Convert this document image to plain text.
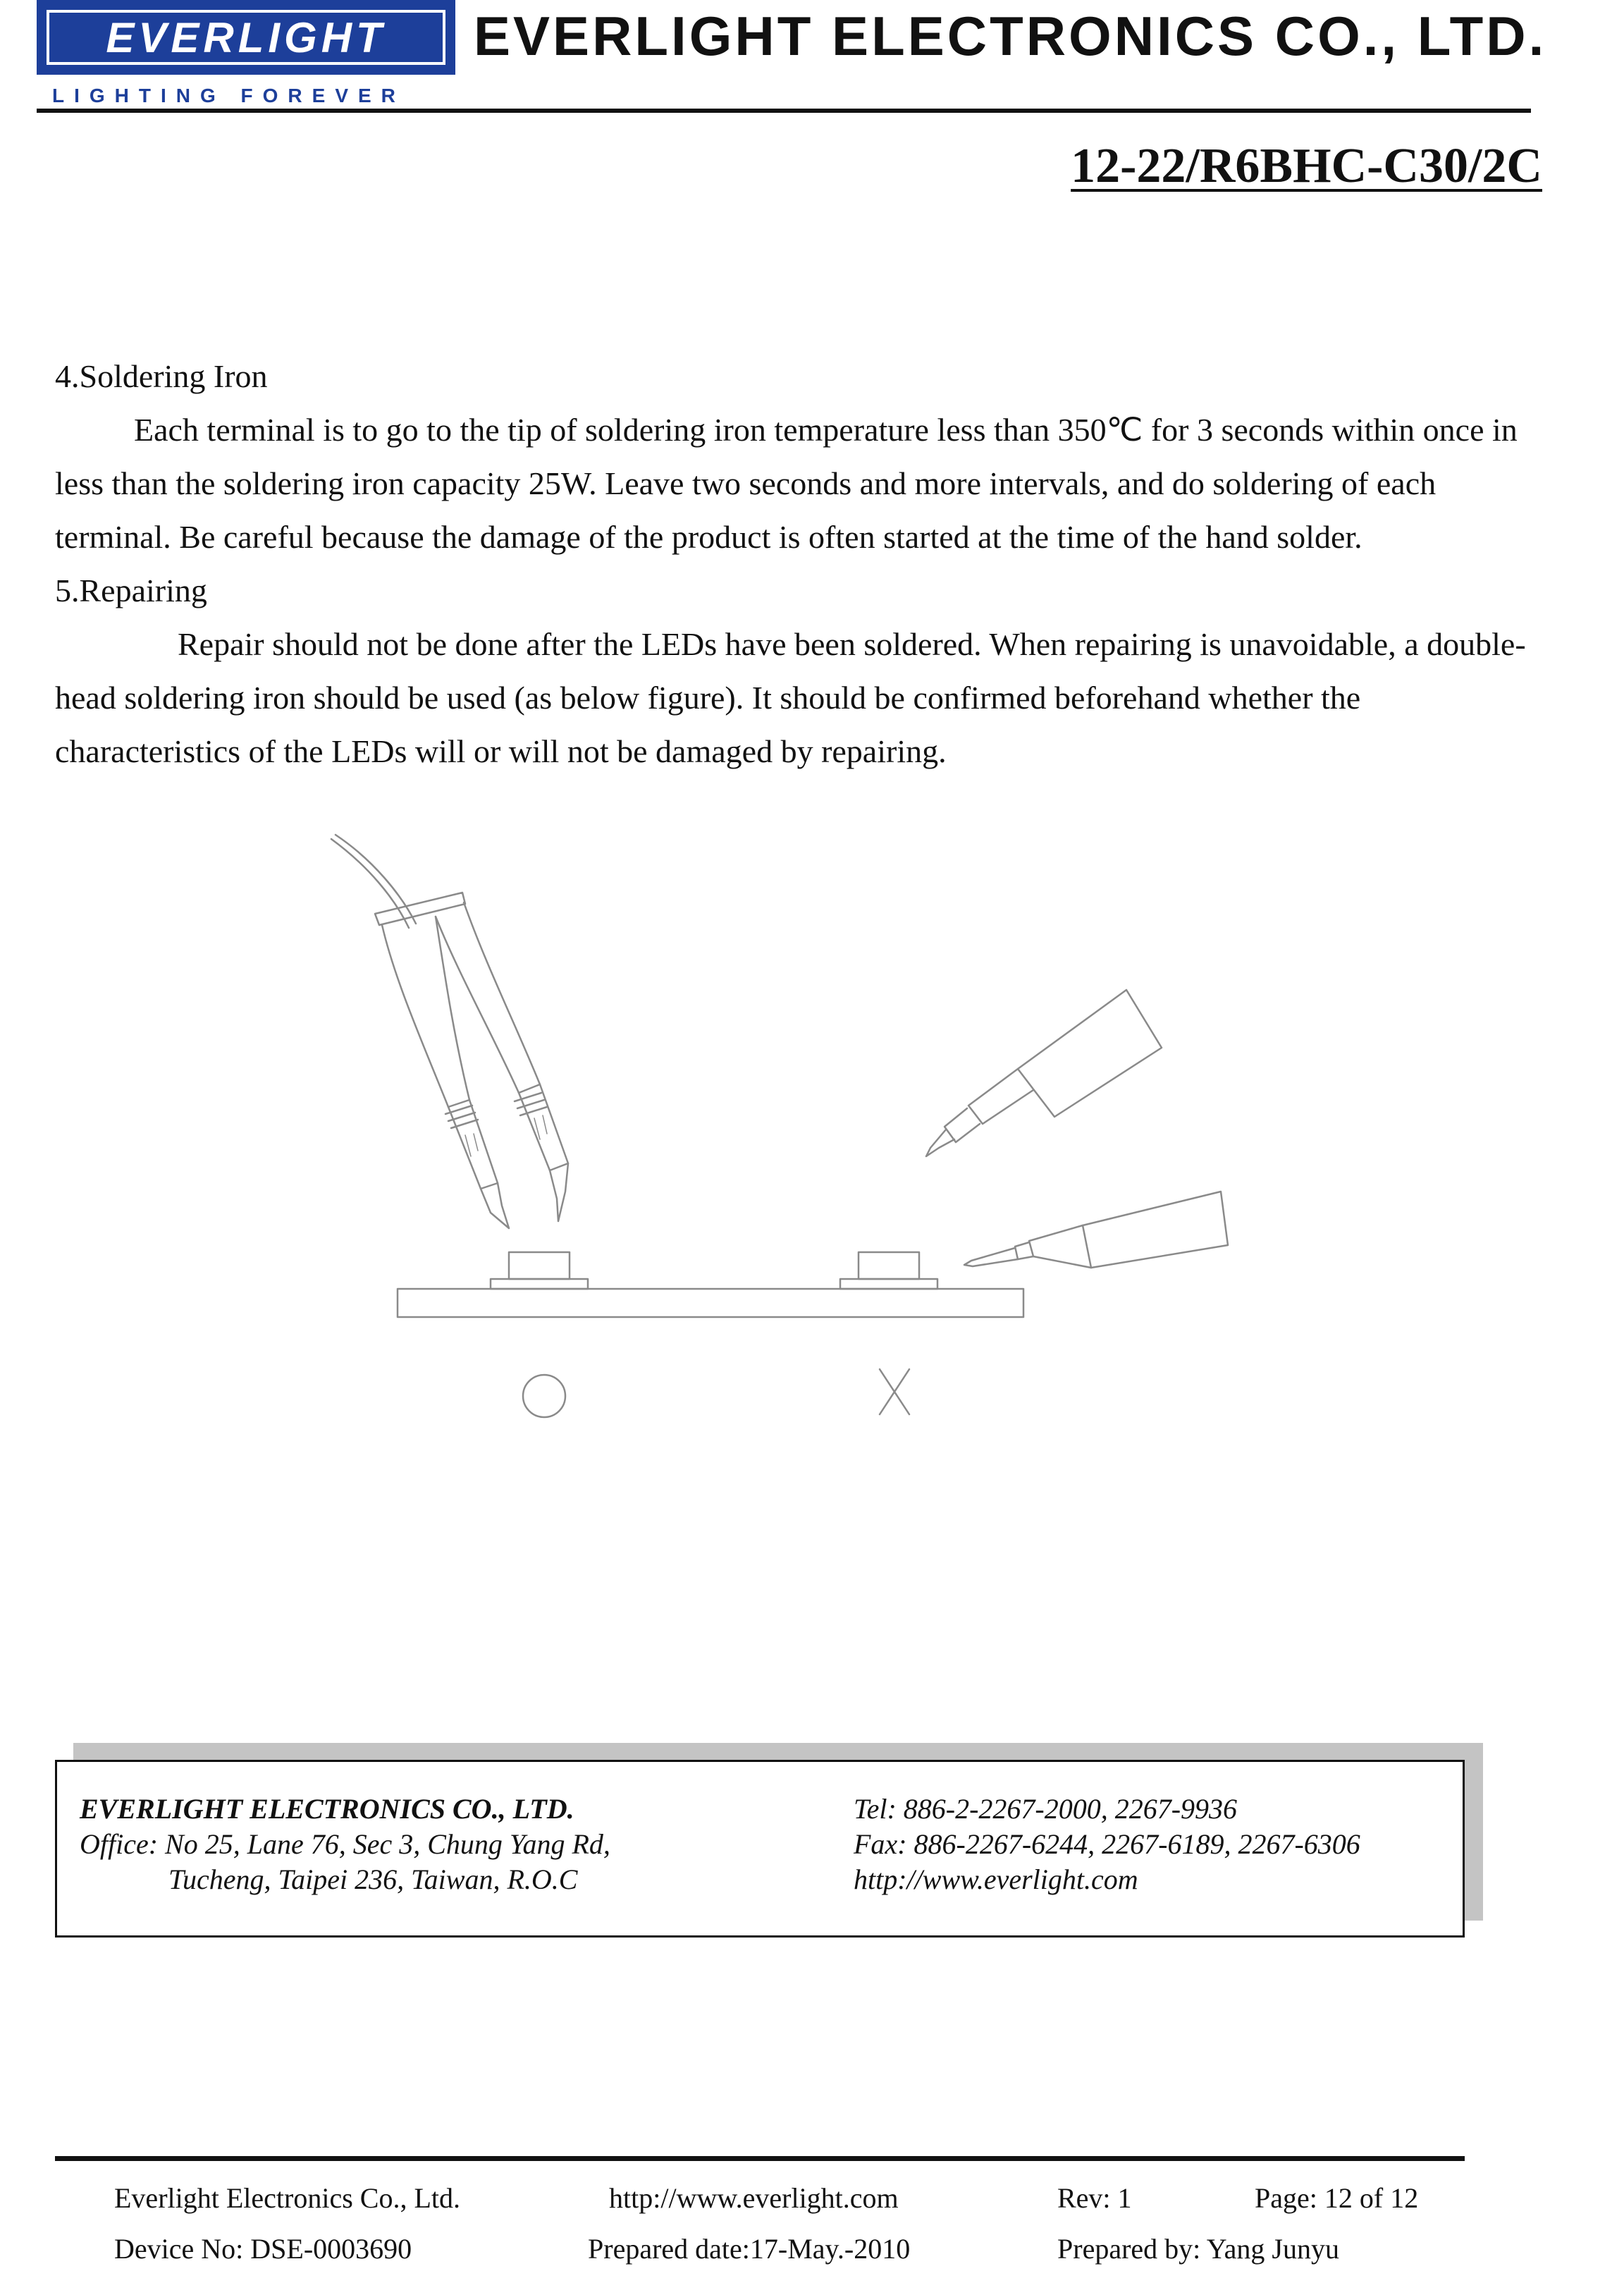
EVERLIGHT
LIGHTING FOREVER
EVERLIGHT ELECTRONICS CO., LTD.
12-22/R6BHC-C30/2C

4.Soldering Iron

Each terminal is to go to the tip of soldering iron temperature less than 350℃ for 3 seconds within once in less than the soldering iron capacity 25W. Leave two seconds and more intervals, and do soldering of each terminal. Be careful because the damage of the product is often started at the time of the hand solder.

5.Repairing

Repair should not be done after the LEDs have been soldered. When repairing is unavoidable, a double-head soldering iron should be used (as below figure). It should be confirmed beforehand whether the characteristics of the LEDs will or will not be damaged by repairing.

○	X
EVERLIGHT ELECTRONICS CO., LTD.
Office: No 25, Lane 76, Sec 3, Chung Yang Rd,
Tucheng, Taipei 236, Taiwan, R.O.C
Tel: 886-2-2267-2000, 2267-9936
Fax: 886-2267-6244, 2267-6189, 2267-6306
http://www.everlight.com
Everlight Electronics Co., Ltd.	http://www.everlight.com	Rev: 1	Page: 12 of 12
Device No: DSE-0003690	Prepared date:17-May.-2010	Prepared by: Yang Junyu
